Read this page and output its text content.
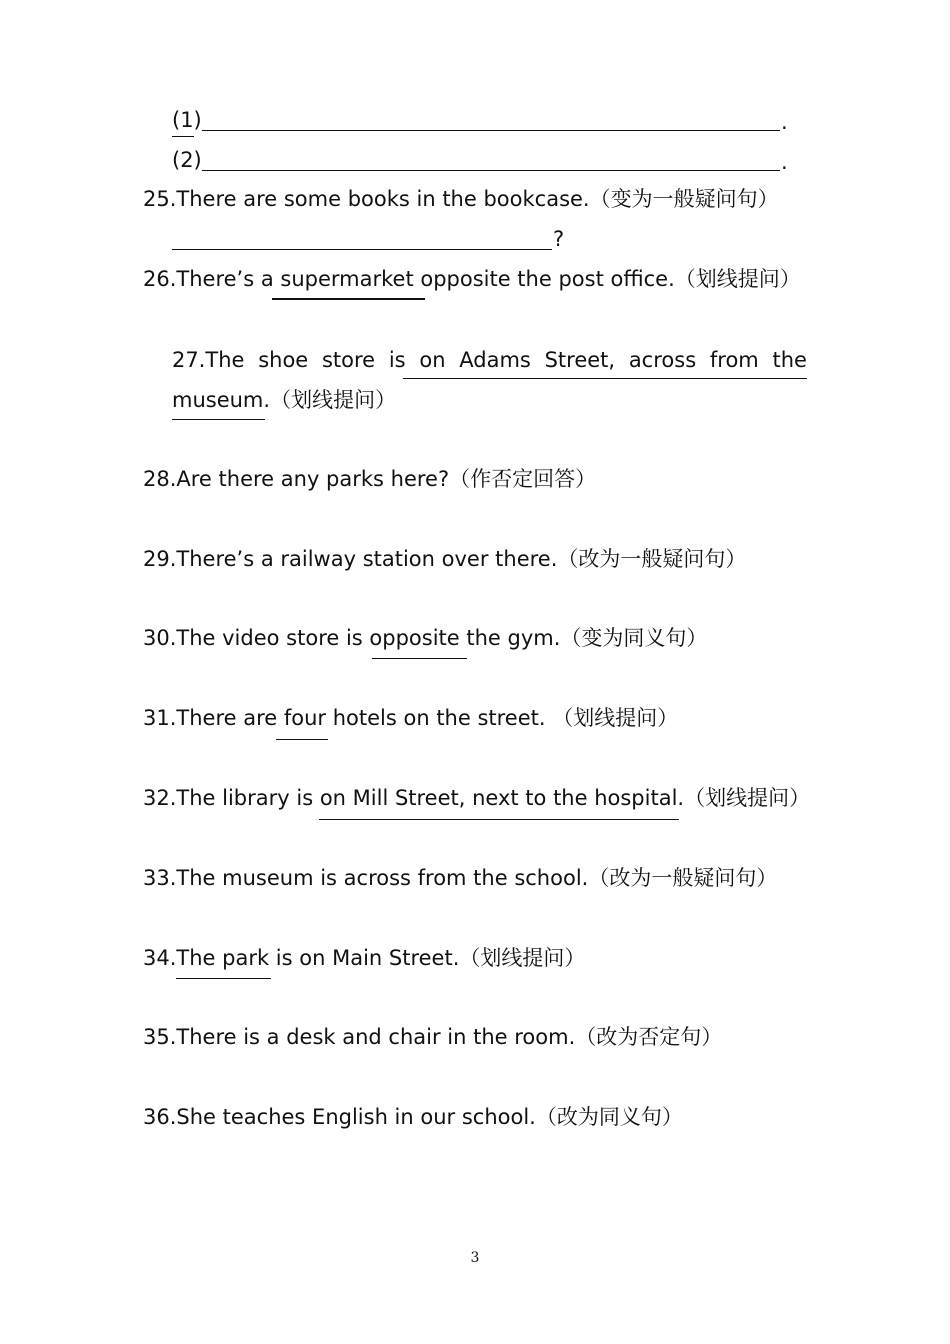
(1)	.
(2)	.
25.There are some books in the bookcase.（变为一般疑问句）
?
26.There’s a supermarket opposite the post office.（划线提问）
27.The shoe store is on Adams Street, across from the
museum.（划线提问）
28.Are there any parks here?（作否定回答）
29.There’s a railway station over there.（改为一般疑问句）
30.The video store is opposite the gym.（变为同义句）
31.There are four hotels on the street. （划线提问）
32.The library is on Mill Street, next to the hospital.（划线提问）
33.The museum is across from the school.（改为一般疑问句）
34.The park is on Main Street.（划线提问）
35.There is a desk and chair in the room.（改为否定句）
36.She teaches English in our school.（改为同义句）
3
